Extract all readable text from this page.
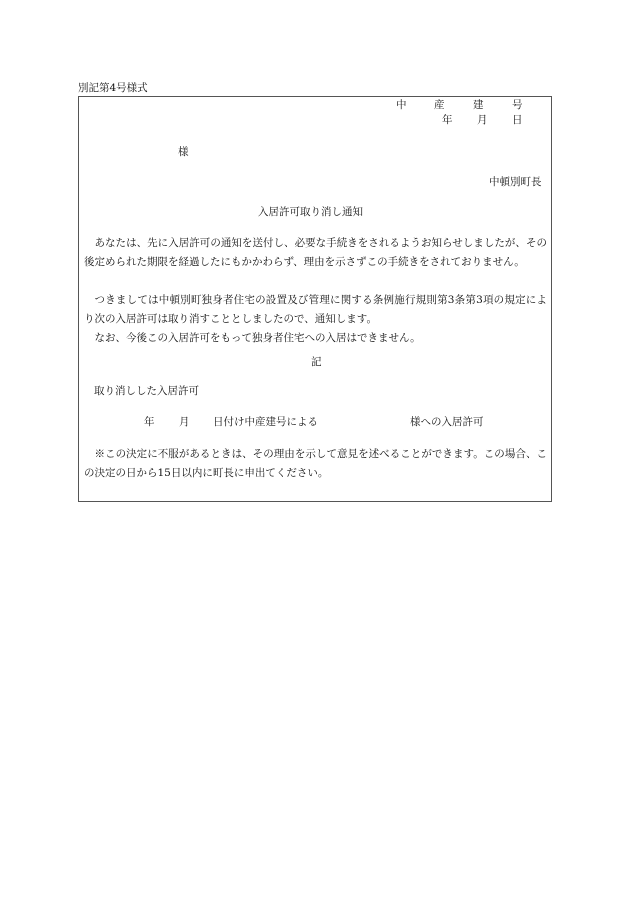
別記第4号様式
中	産	建	号
年 月 日
様
中頓別町長
入居許可取り消し通知
あなたは、先に入居許可の通知を送付し、必要な手続きをされるようお知らせしましたが、その後定められた期限を経過したにもかかわらず、理由を示さずこの手続きをされておりません。
つきましては中頓別町独身者住宅の設置及び管理に関する条例施行規則第3条第3項の規定により次の入居許可は取り消すこととしましたので、通知します。
なお、今後この入居許可をもって独身者住宅への入居はできません。
記
取り消しした入居許可
年 月 日付け中産建号による	様への入居許可
※この決定に不服があるときは、その理由を示して意見を述べることができます。この場合、この決定の日から15日以内に町長に申出てください。
